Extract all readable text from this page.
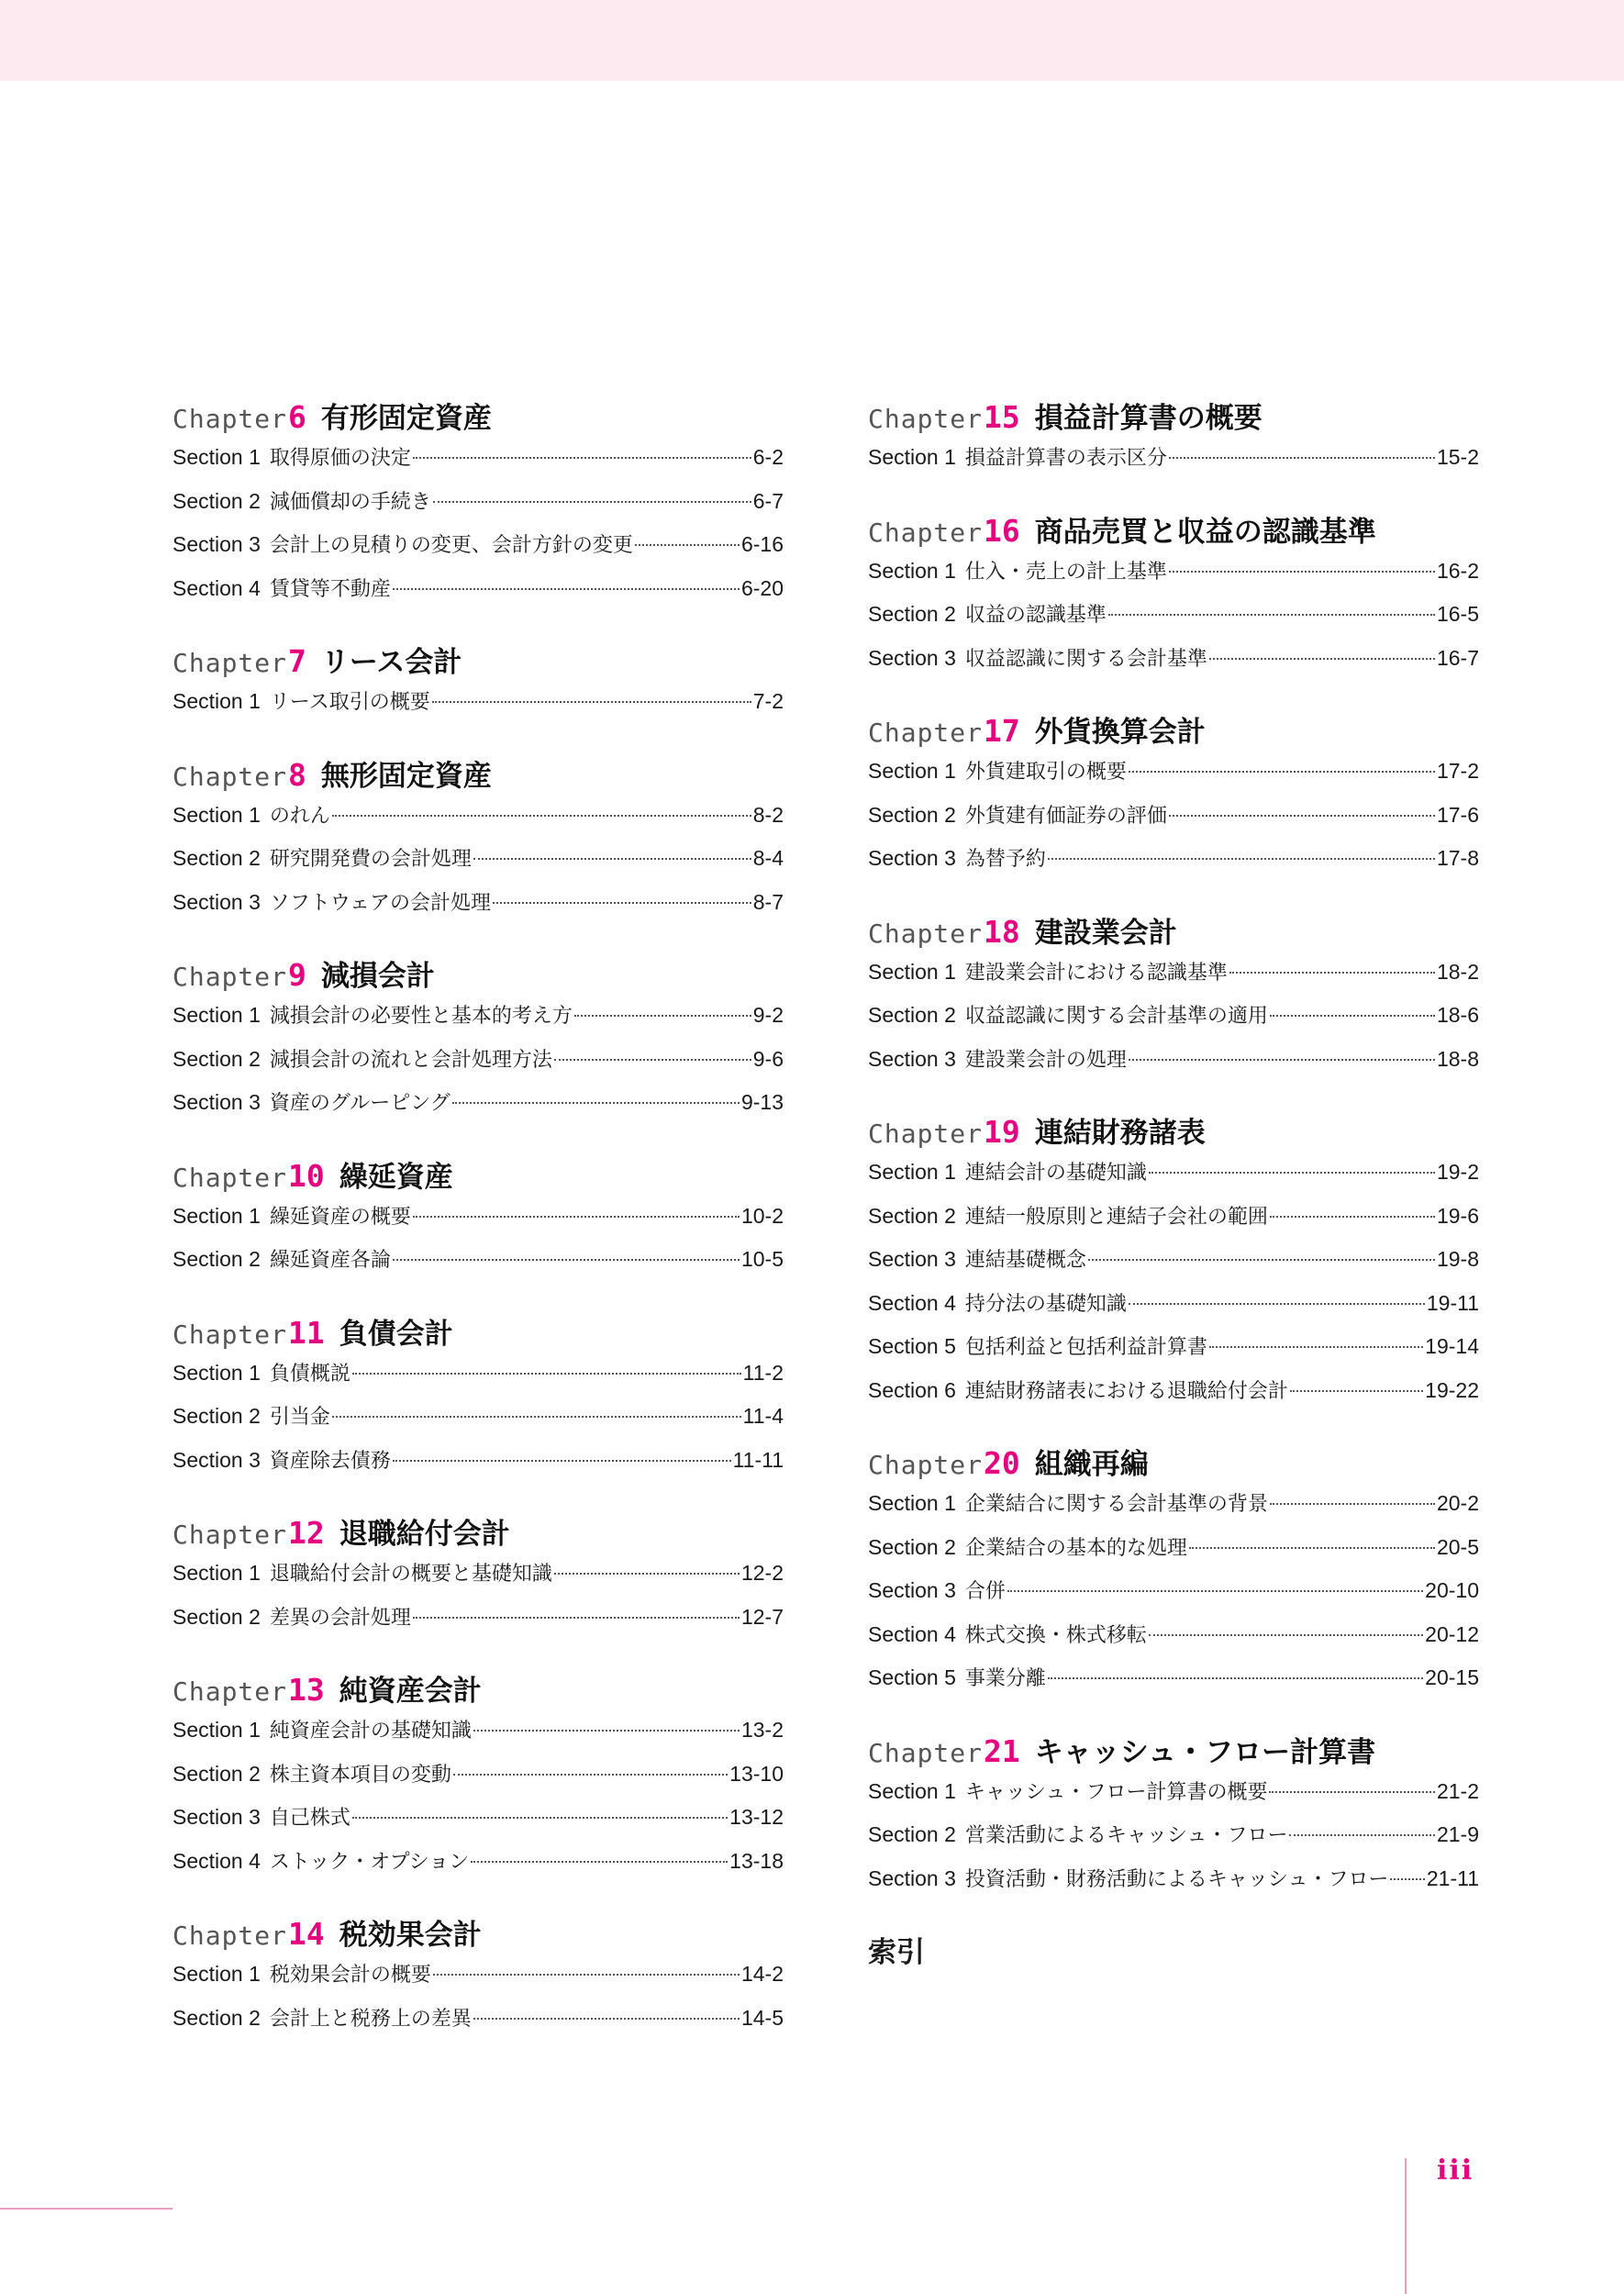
Chapter 6 有形固定資産
Section 1 取得原価の決定	6-2
Section 2 減価償却の手続き	6-7
Section 3 会計上の見積りの変更、会計方針の変更	6-16
Section 4 賃貸等不動産	6-20
Chapter 7 リース会計
Section 1 リース取引の概要	7-2
Chapter 8 無形固定資産
Section 1 のれん	8-2
Section 2 研究開発費の会計処理	8-4
Section 3 ソフトウェアの会計処理	8-7
Chapter 9 減損会計
Section 1 減損会計の必要性と基本的考え方	9-2
Section 2 減損会計の流れと会計処理方法	9-6
Section 3 資産のグルーピング	9-13
Chapter 10 繰延資産
Section 1 繰延資産の概要	10-2
Section 2 繰延資産各論	10-5
Chapter 11 負債会計
Section 1 負債概説	11-2
Section 2 引当金	11-4
Section 3 資産除去債務	11-11
Chapter 12 退職給付会計
Section 1 退職給付会計の概要と基礎知識	12-2
Section 2 差異の会計処理	12-7
Chapter 13 純資産会計
Section 1 純資産会計の基礎知識	13-2
Section 2 株主資本項目の変動	13-10
Section 3 自己株式	13-12
Section 4 ストック・オプション	13-18
Chapter 14 税効果会計
Section 1 税効果会計の概要	14-2
Section 2 会計上と税務上の差異	14-5
Chapter 15 損益計算書の概要
Section 1 損益計算書の表示区分	15-2
Chapter 16 商品売買と収益の認識基準
Section 1 仕入・売上の計上基準	16-2
Section 2 収益の認識基準	16-5
Section 3 収益認識に関する会計基準	16-7
Chapter 17 外貨換算会計
Section 1 外貨建取引の概要	17-2
Section 2 外貨建有価証券の評価	17-6
Section 3 為替予約	17-8
Chapter 18 建設業会計
Section 1 建設業会計における認識基準	18-2
Section 2 収益認識に関する会計基準の適用	18-6
Section 3 建設業会計の処理	18-8
Chapter 19 連結財務諸表
Section 1 連結会計の基礎知識	19-2
Section 2 連結一般原則と連結子会社の範囲	19-6
Section 3 連結基礎概念	19-8
Section 4 持分法の基礎知識	19-11
Section 5 包括利益と包括利益計算書	19-14
Section 6 連結財務諸表における退職給付会計	19-22
Chapter 20 組織再編
Section 1 企業結合に関する会計基準の背景	20-2
Section 2 企業結合の基本的な処理	20-5
Section 3 合併	20-10
Section 4 株式交換・株式移転	20-12
Section 5 事業分離	20-15
Chapter 21 キャッシュ・フロー計算書
Section 1 キャッシュ・フロー計算書の概要	21-2
Section 2 営業活動によるキャッシュ・フロー	21-9
Section 3 投資活動・財務活動によるキャッシュ・フロー 21-11
索引
iii
